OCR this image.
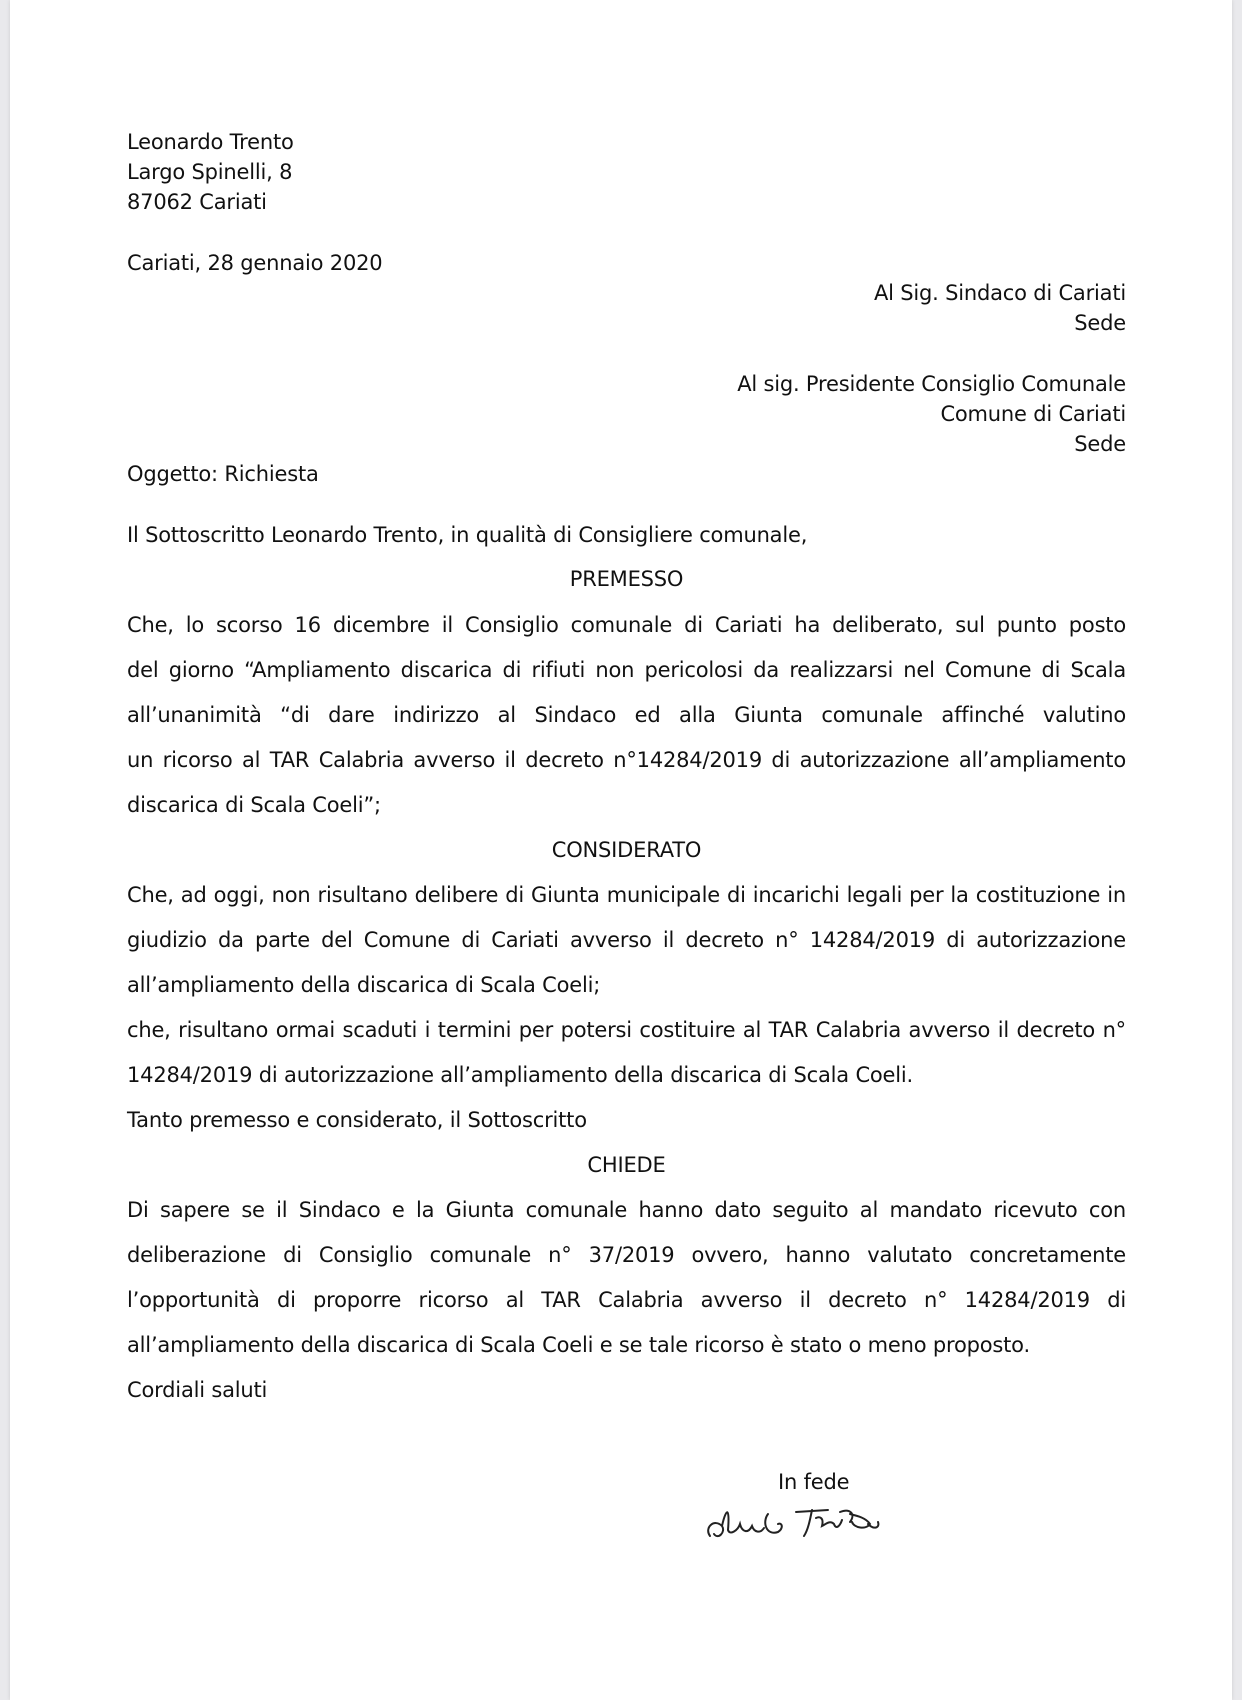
Leonardo Trento
Largo Spinelli, 8
87062 Cariati
Cariati, 28 gennaio 2020
Al Sig. Sindaco di Cariati
Sede
Al sig. Presidente Consiglio Comunale
Comune di Cariati
Sede
Oggetto: Richiesta
Il Sottoscritto Leonardo Trento, in qualità di Consigliere comunale,
PREMESSO
Che, lo scorso 16 dicembre il Consiglio comunale di Cariati ha deliberato, sul punto posto
del giorno “Ampliamento discarica di rifiuti non pericolosi da realizzarsi nel Comune di Scala
all’unanimità “di dare indirizzo al Sindaco ed alla Giunta comunale affinché valutino
un ricorso al TAR Calabria avverso il decreto n°14284/2019 di autorizzazione all’ampliamento
discarica di Scala Coeli”;
CONSIDERATO
Che, ad oggi, non risultano delibere di Giunta municipale di incarichi legali per la costituzione in
giudizio da parte del Comune di Cariati avverso il decreto n° 14284/2019 di autorizzazione
all’ampliamento della discarica di Scala Coeli;
che, risultano ormai scaduti i termini per potersi costituire al TAR Calabria avverso il decreto n°
14284/2019 di autorizzazione all’ampliamento della discarica di Scala Coeli.
Tanto premesso e considerato, il Sottoscritto
CHIEDE
Di sapere se il Sindaco e la Giunta comunale hanno dato seguito al mandato ricevuto con
deliberazione di Consiglio comunale n° 37/2019 ovvero, hanno valutato concretamente
l’opportunità di proporre ricorso al TAR Calabria avverso il decreto n° 14284/2019 di
all’ampliamento della discarica di Scala Coeli e se tale ricorso è stato o meno proposto.
Cordiali saluti
In fede
